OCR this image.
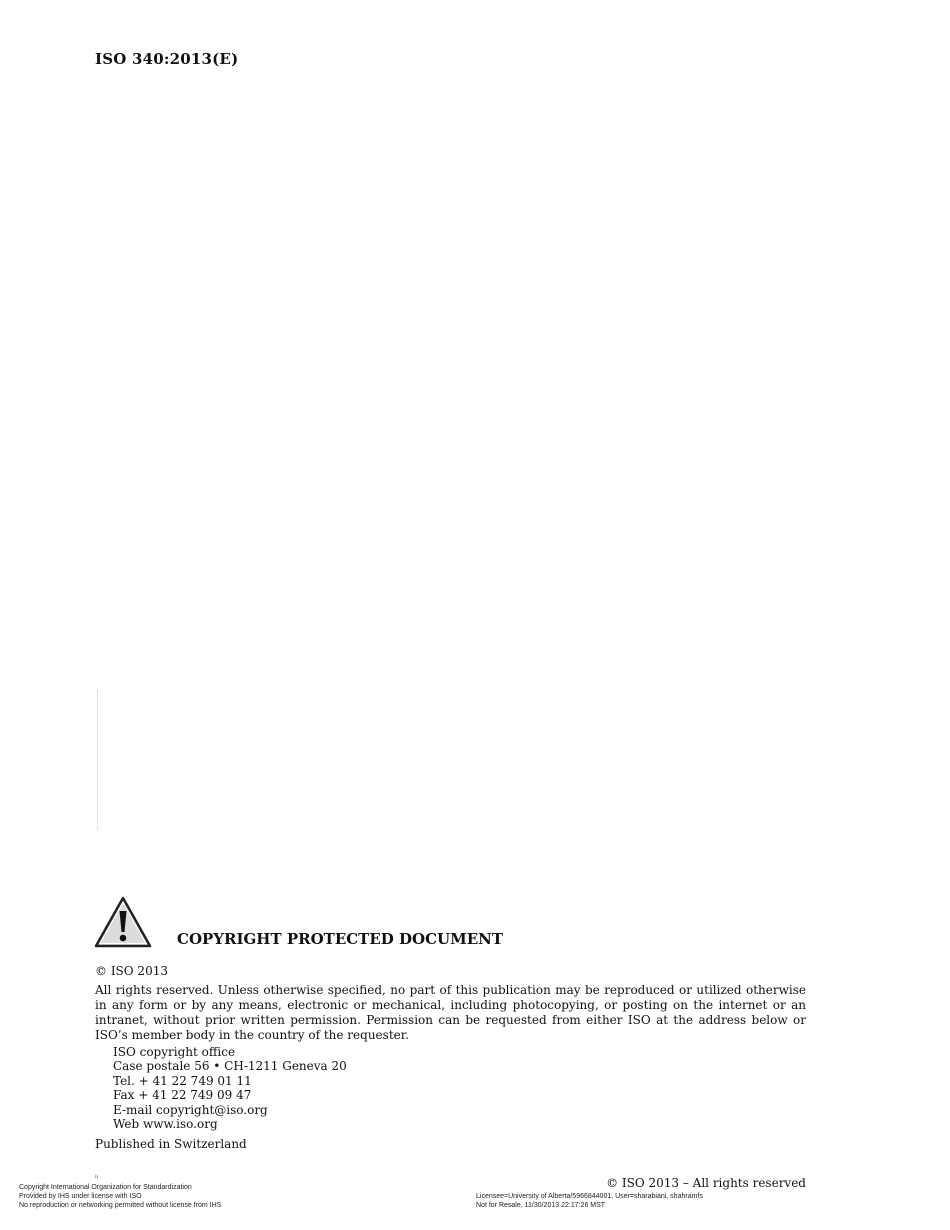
ISO 340:2013(E)
COPYRIGHT PROTECTED DOCUMENT
© ISO 2013
All rights reserved. Unless otherwise specified, no part of this publication may be reproduced or utilized otherwise in any form or by any means, electronic or mechanical, including photocopying, or posting on the internet or an intranet, without prior written permission. Permission can be requested from either ISO at the address below or ISO’s member body in the country of the requester.
ISO copyright office
Case postale 56 • CH-1211 Geneva 20
Tel. + 41 22 749 01 11
Fax + 41 22 749 09 47
E-mail copyright@iso.org
Web www.iso.org
Published in Switzerland
ii	© ISO 2013 – All rights reserved
Copyright International Organization for Standardization
Provided by IHS under license with ISO
No reproduction or networking permitted without license from IHS
Licensee=University of Alberta/5966844001, User=sharabiani, shahramfs
Not for Resale, 11/30/2013 22:17:26 MST
